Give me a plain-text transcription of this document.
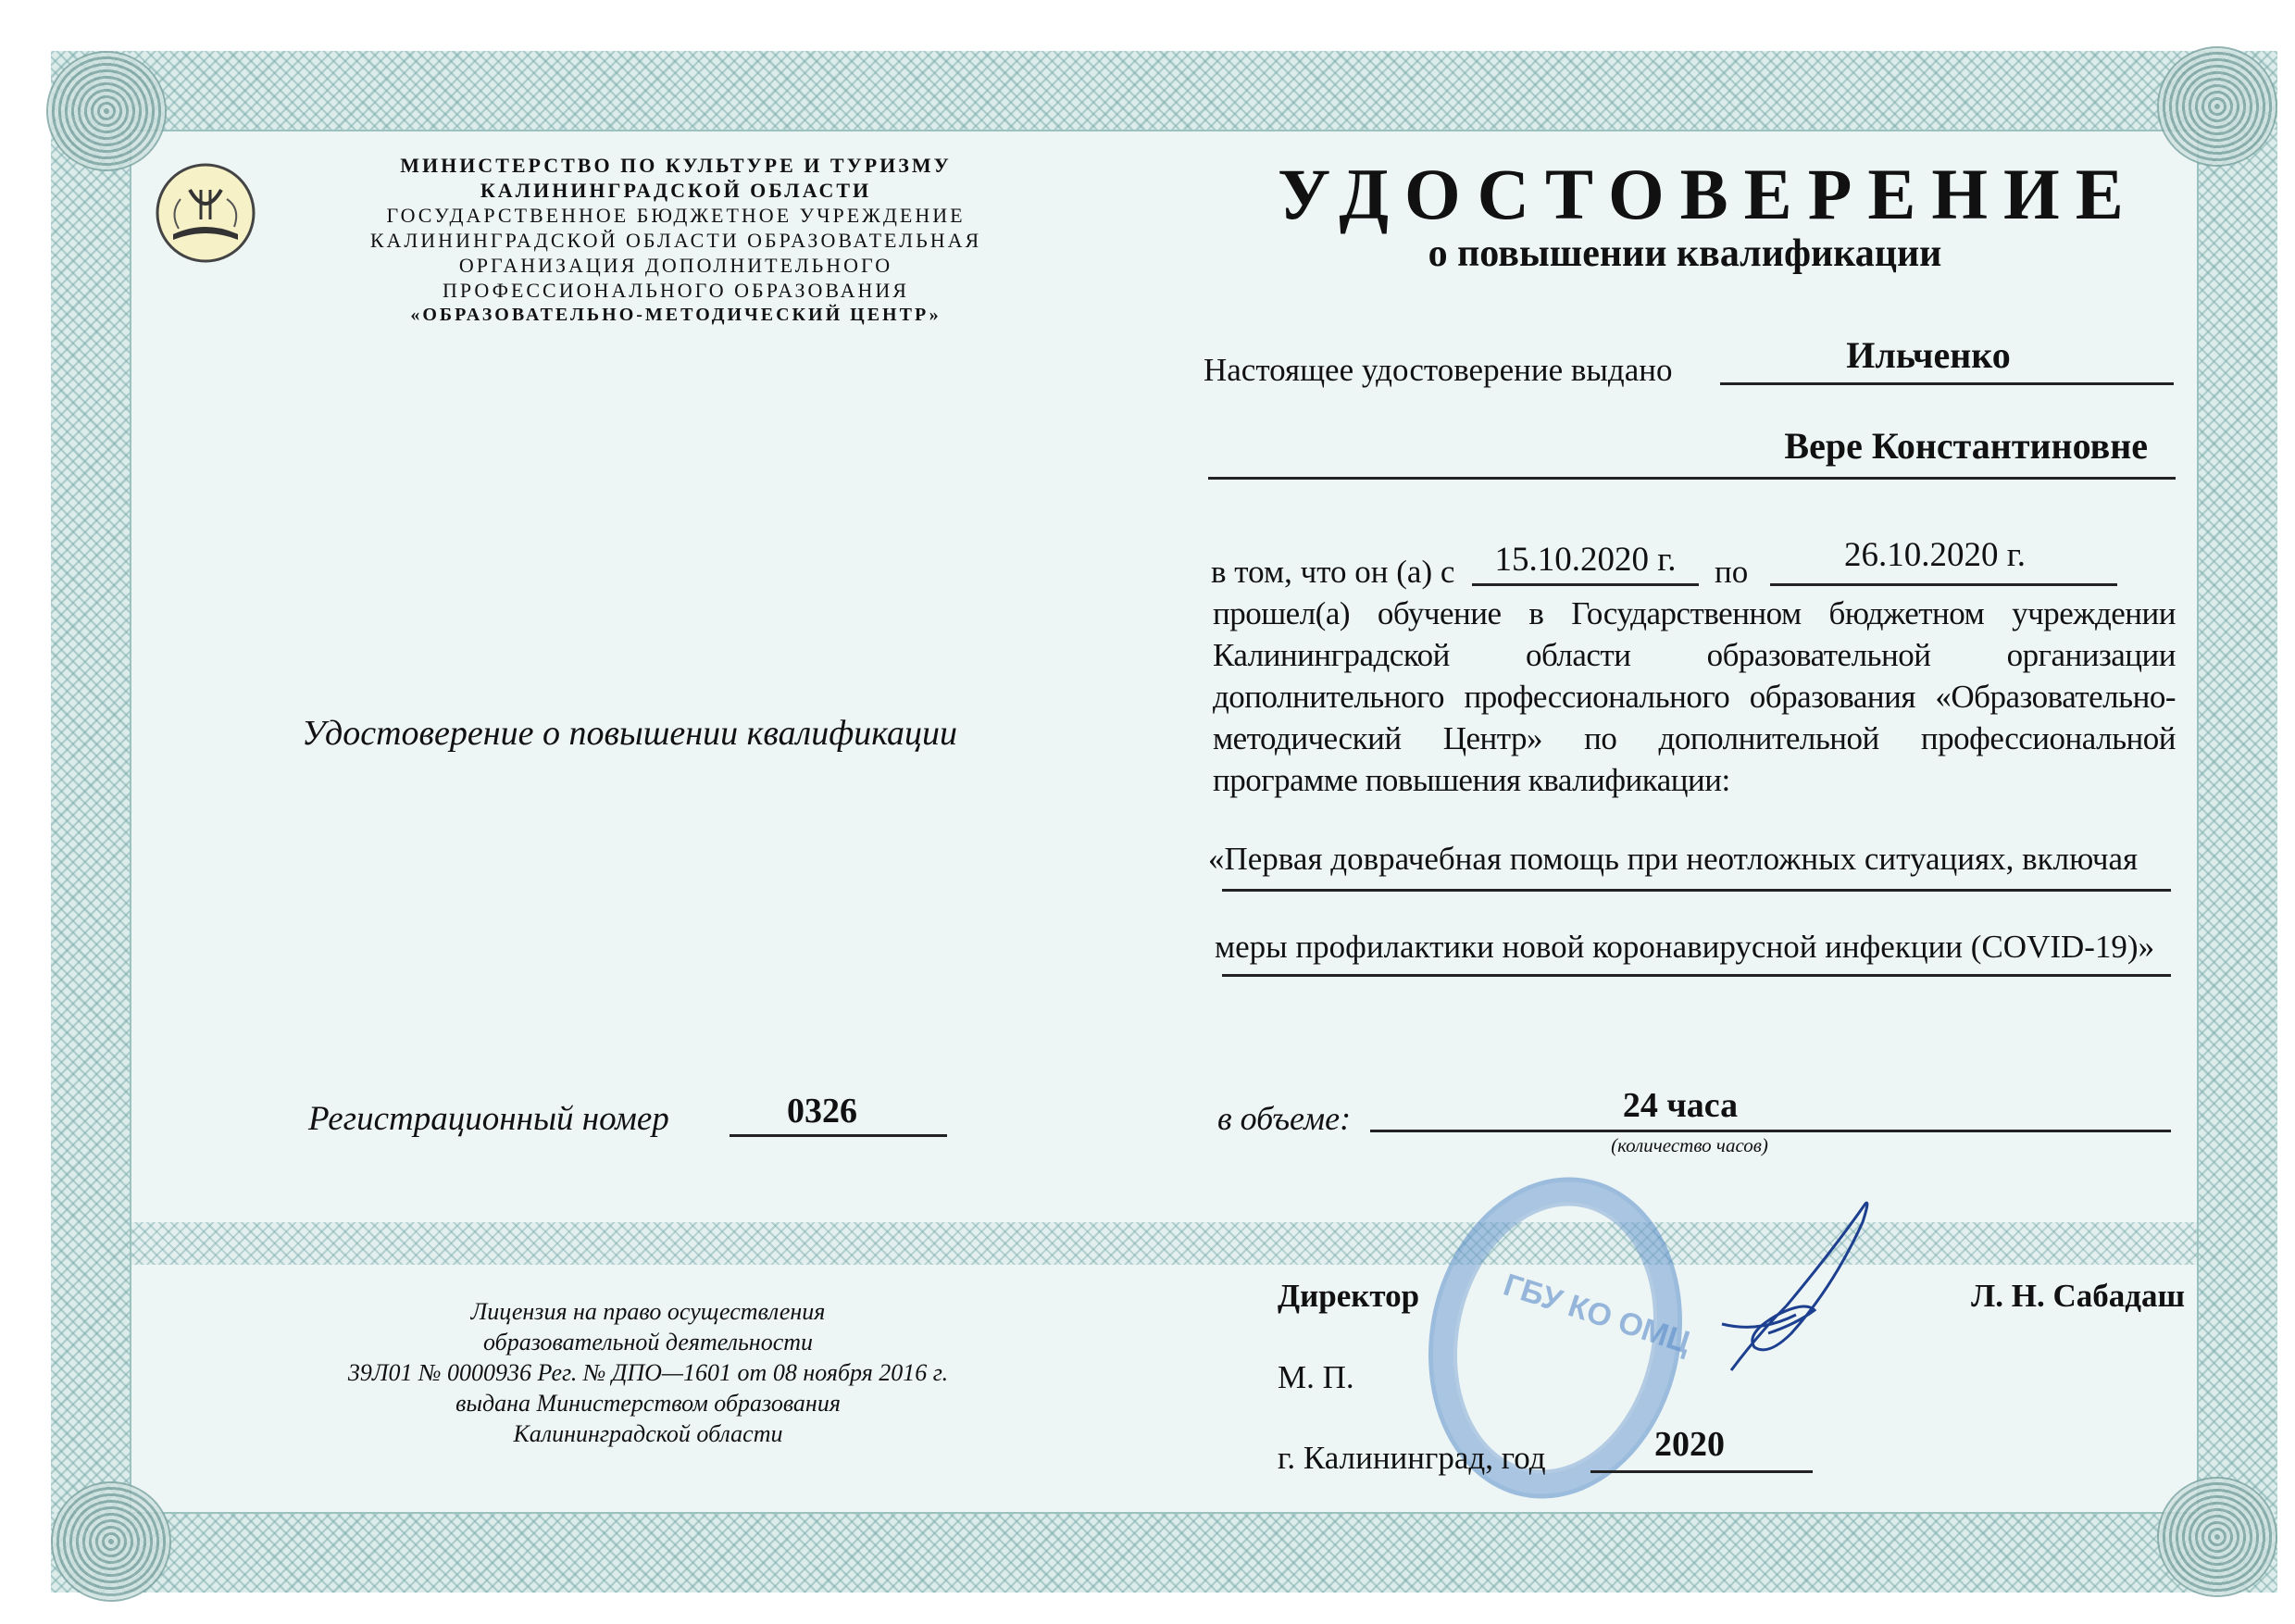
МИНИСТЕРСТВО ПО КУЛЬТУРЕ И ТУРИЗМУ
КАЛИНИНГРАДСКОЙ ОБЛАСТИ
ГОСУДАРСТВЕННОЕ БЮДЖЕТНОЕ УЧРЕЖДЕНИЕ
КАЛИНИНГРАДСКОЙ ОБЛАСТИ ОБРАЗОВАТЕЛЬНАЯ
ОРГАНИЗАЦИЯ ДОПОЛНИТЕЛЬНОГО
ПРОФЕССИОНАЛЬНОГО ОБРАЗОВАНИЯ
«ОБРАЗОВАТЕЛЬНО-МЕТОДИЧЕСКИЙ ЦЕНТР»
УДОСТОВЕРЕНИЕ
о повышении квалификации
Настоящее удостоверение выдано	Ильченко
Вере Константиновне
в том, что он (а) с	15.10.2020 г.	по	26.10.2020 г.
прошел(а) обучение в Государственном бюджетном учреждении Калининградской области образовательной организации дополнительного профессионального образования «Образовательно-методический Центр» по дополнительной профессиональной программе повышения квалификации:
«Первая доврачебная помощь при неотложных ситуациях, включая
меры профилактики новой коронавирусной инфекции (COVID-19)»
Удостоверение о повышении квалификации
Регистрационный номер	0326	в объеме:	24 часа
(количество часов)
Лицензия на право осуществления
образовательной деятельности
39Л01 № 0000936 Рег. № ДПО—1601 от 08 ноября 2016 г.
выдана Министерством образования
Калининградской области
ГБУ КО ОМЦ
Директор	Л. Н. Сабадаш
М. П.
г. Калининград, год	2020
